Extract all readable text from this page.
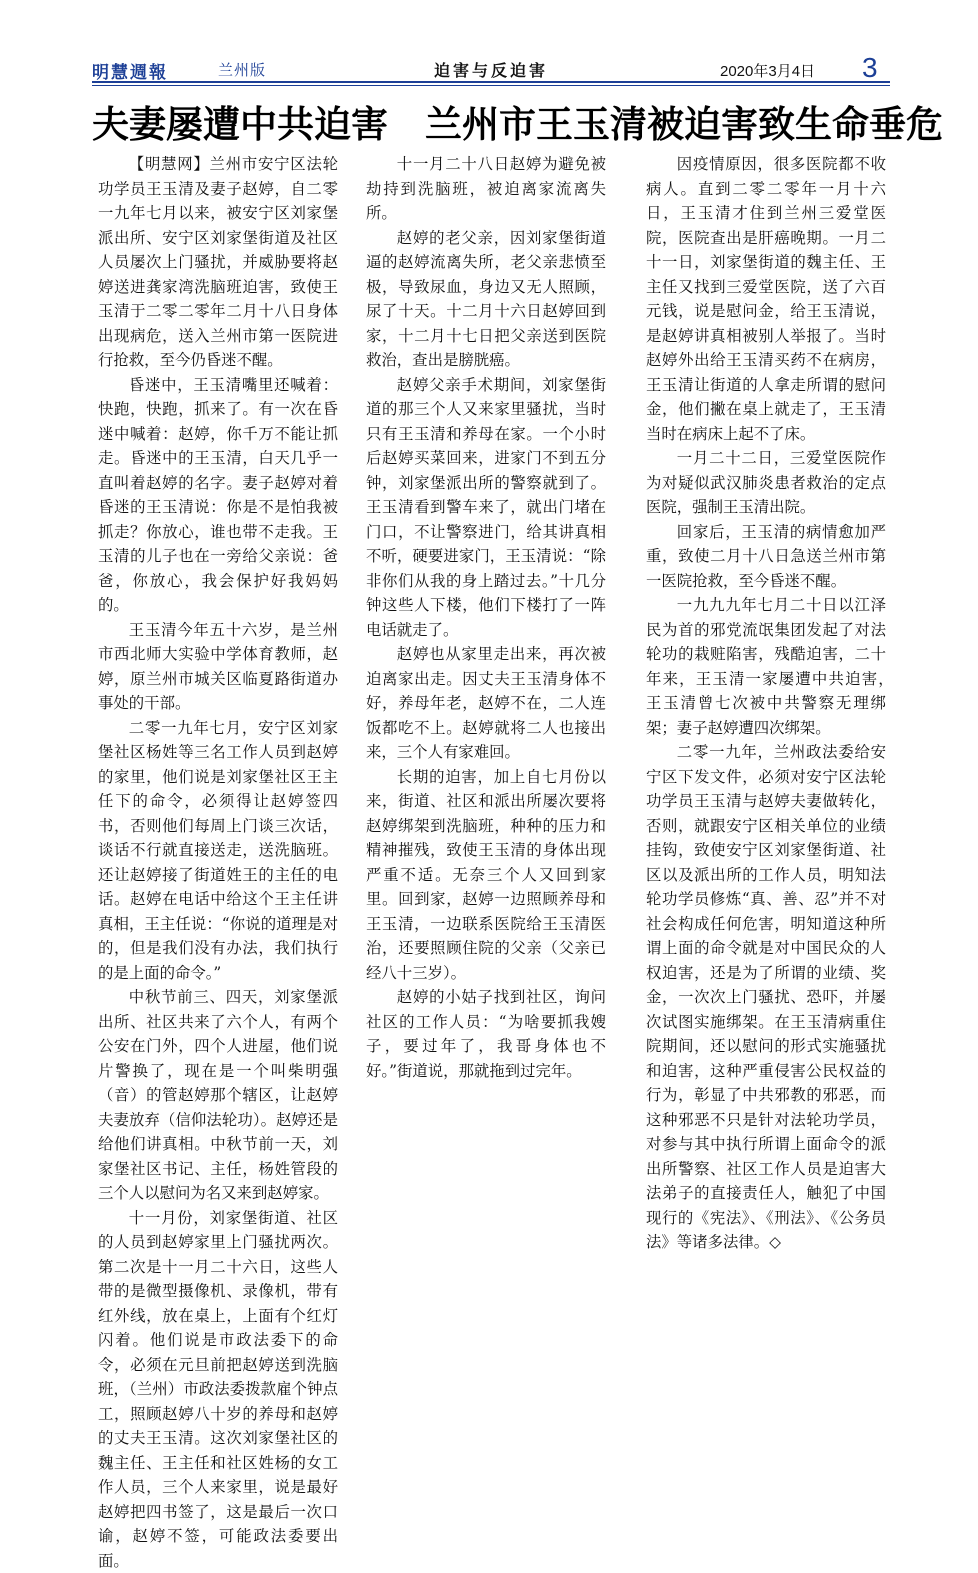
明慧週報	兰州版	迫害与反迫害	2020年3月4日 3
夫妻屡遭中共迫害　兰州市王玉清被迫害致生命垂危

【明慧网】兰州市安宁区法轮功学员王玉清及妻子赵婷，自二零一九年七月以来，被安宁区刘家堡派出所、安宁区刘家堡街道及社区人员屡次上门骚扰，并威胁要将赵婷送进龚家湾洗脑班迫害，致使王玉清于二零二零年二月十八日身体出现病危，送入兰州市第一医院进行抢救，至今仍昏迷不醒。

昏迷中，王玉清嘴里还喊着：快跑，快跑，抓来了。有一次在昏迷中喊着：赵婷，你千万不能让抓走。昏迷中的王玉清，白天几乎一直叫着赵婷的名字。妻子赵婷对着昏迷的王玉清说：你是不是怕我被抓走？你放心，谁也带不走我。王玉清的儿子也在一旁给父亲说：爸爸，你放心，我会保护好我妈妈的。

王玉清今年五十六岁，是兰州市西北师大实验中学体育教师，赵婷，原兰州市城关区临夏路街道办事处的干部。

二零一九年七月，安宁区刘家堡社区杨姓等三名工作人员到赵婷的家里，他们说是刘家堡社区王主任下的命令，必须得让赵婷签四书，否则他们每周上门谈三次话，谈话不行就直接送走，送洗脑班。还让赵婷接了街道姓王的主任的电话。赵婷在电话中给这个王主任讲真相，王主任说：“你说的道理是对的，但是我们没有办法，我们执行的是上面的命令。”

中秋节前三、四天，刘家堡派出所、社区共来了六个人，有两个公安在门外，四个人进屋，他们说片警换了，现在是一个叫柴明强（音）的管赵婷那个辖区，让赵婷夫妻放弃（信仰法轮功）。赵婷还是给他们讲真相。中秋节前一天，刘家堡社区书记、主任，杨姓管段的三个人以慰问为名又来到赵婷家。

十一月份，刘家堡街道、社区的人员到赵婷家里上门骚扰两次。第二次是十一月二十六日，这些人带的是微型摄像机、录像机，带有红外线，放在桌上，上面有个红灯闪着。他们说是市政法委下的命令，必须在元旦前把赵婷送到洗脑班，（兰州）市政法委拨款雇个钟点工，照顾赵婷八十岁的养母和赵婷的丈夫王玉清。这次刘家堡社区的魏主任、王主任和社区姓杨的女工作人员，三个人来家里，说是最好赵婷把四书签了，这是最后一次口谕，赵婷不签，可能政法委要出面。

十一月二十八日赵婷为避免被劫持到洗脑班，被迫离家流离失所。

赵婷的老父亲，因刘家堡街道逼的赵婷流离失所，老父亲悲愤至极，导致尿血，身边又无人照顾，尿了十天。十二月十六日赵婷回到家，十二月十七日把父亲送到医院救治，查出是膀胱癌。

赵婷父亲手术期间，刘家堡街道的那三个人又来家里骚扰，当时只有王玉清和养母在家。一个小时后赵婷买菜回来，进家门不到五分钟，刘家堡派出所的警察就到了。王玉清看到警车来了，就出门堵在门口，不让警察进门，给其讲真相不听，硬要进家门，王玉清说：“除非你们从我的身上踏过去。”十几分钟这些人下楼，他们下楼打了一阵电话就走了。

赵婷也从家里走出来，再次被迫离家出走。因丈夫王玉清身体不好，养母年老，赵婷不在，二人连饭都吃不上。赵婷就将二人也接出来，三个人有家难回。

长期的迫害，加上自七月份以来，街道、社区和派出所屡次要将赵婷绑架到洗脑班，种种的压力和精神摧残，致使王玉清的身体出现严重不适。无奈三个人又回到家里。回到家，赵婷一边照顾养母和王玉清，一边联系医院给王玉清医治，还要照顾住院的父亲（父亲已经八十三岁）。

赵婷的小姑子找到社区，询问社区的工作人员：“为啥要抓我嫂子，要过年了，我哥身体也不好。”街道说，那就拖到过完年。

因疫情原因，很多医院都不收病人。直到二零二零年一月十六日，王玉清才住到兰州三爱堂医院，医院查出是肝癌晚期。一月二十一日，刘家堡街道的魏主任、王主任又找到三爱堂医院，送了六百元钱，说是慰问金，给王玉清说，是赵婷讲真相被别人举报了。当时赵婷外出给王玉清买药不在病房，王玉清让街道的人拿走所谓的慰问金，他们撇在桌上就走了，王玉清当时在病床上起不了床。

一月二十二日，三爱堂医院作为对疑似武汉肺炎患者救治的定点医院，强制王玉清出院。

回家后，王玉清的病情愈加严重，致使二月十八日急送兰州市第一医院抢救，至今昏迷不醒。

一九九九年七月二十日以江泽民为首的邪党流氓集团发起了对法轮功的栽赃陷害，残酷迫害，二十年来，王玉清一家屡遭中共迫害，　王玉清曾七次被中共警察无理绑架；妻子赵婷遭四次绑架。

二零一九年，兰州政法委给安宁区下发文件，必须对安宁区法轮功学员王玉清与赵婷夫妻做转化，否则，就跟安宁区相关单位的业绩挂钩，致使安宁区刘家堡街道、社区以及派出所的工作人员，明知法轮功学员修炼“真、善、忍”并不对社会构成任何危害，明知道这种所谓上面的命令就是对中国民众的人权迫害，还是为了所谓的业绩、奖金，一次次上门骚扰、恐吓，并屡次试图实施绑架。在王玉清病重住院期间，还以慰问的形式实施骚扰和迫害，这种严重侵害公民权益的行为，彰显了中共邪教的邪恶，而这种邪恶不只是针对法轮功学员，对参与其中执行所谓上面命令的派出所警察、社区工作人员是迫害大法弟子的直接责任人，触犯了中国现行的《宪法》、《刑法》、《公务员法》等诸多法律。◇
